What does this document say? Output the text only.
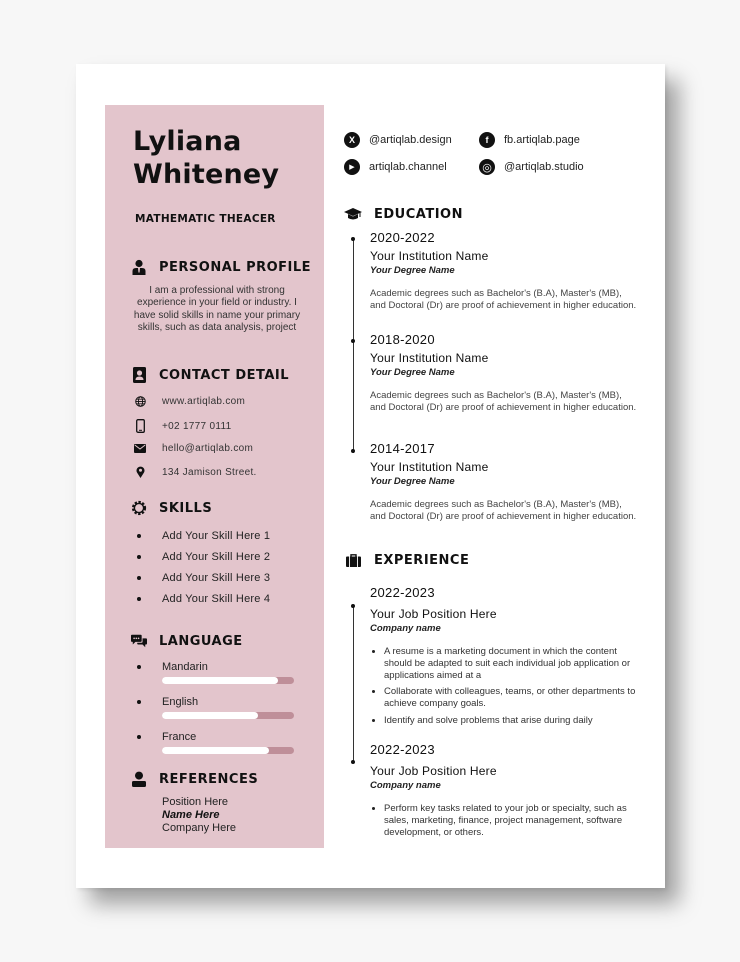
Lyliana
Whiteney
MATHEMATIC THEACER
PERSONAL PROFILE
I am a professional with strong experience in your field or industry. I have solid skills in name your primary skills, such as data analysis, project
CONTACT DETAIL
www.artiqlab.com
+02 1777 0111
hello@artiqlab.com
134 Jamison Street.
SKILLS
Add Your Skill Here 1
Add Your Skill Here 2
Add Your Skill Here 3
Add Your Skill Here 4
LANGUAGE
Mandarin
English
France
REFERENCES
Position Here
Name Here
Company Here
X	@artiqlab.design	f	fb.artiqlab.page
▶	artiqlab.channel	◎ @artiqlab.studio
EDUCATION
2020-2022
Your Institution Name
Your Degree Name
Academic degrees such as Bachelor's (B.A), Master's (MB), and Doctoral (Dr) are proof of achievement in higher education.
2018-2020
Your Institution Name
Your Degree Name
Academic degrees such as Bachelor's (B.A), Master's (MB), and Doctoral (Dr) are proof of achievement in higher education.
2014-2017
Your Institution Name
Your Degree Name
Academic degrees such as Bachelor's (B.A), Master's (MB), and Doctoral (Dr) are proof of achievement in higher education.
EXPERIENCE
2022-2023
Your Job Position Here
Company name
A resume is a marketing document in which the content should be adapted to suit each individual job application or applications aimed at a
Collaborate with colleagues, teams, or other departments to achieve company goals.
Identify and solve problems that arise during daily
2022-2023
Your Job Position Here
Company name
Perform key tasks related to your job or specialty, such as sales, marketing, finance, project management, software development, or others.
